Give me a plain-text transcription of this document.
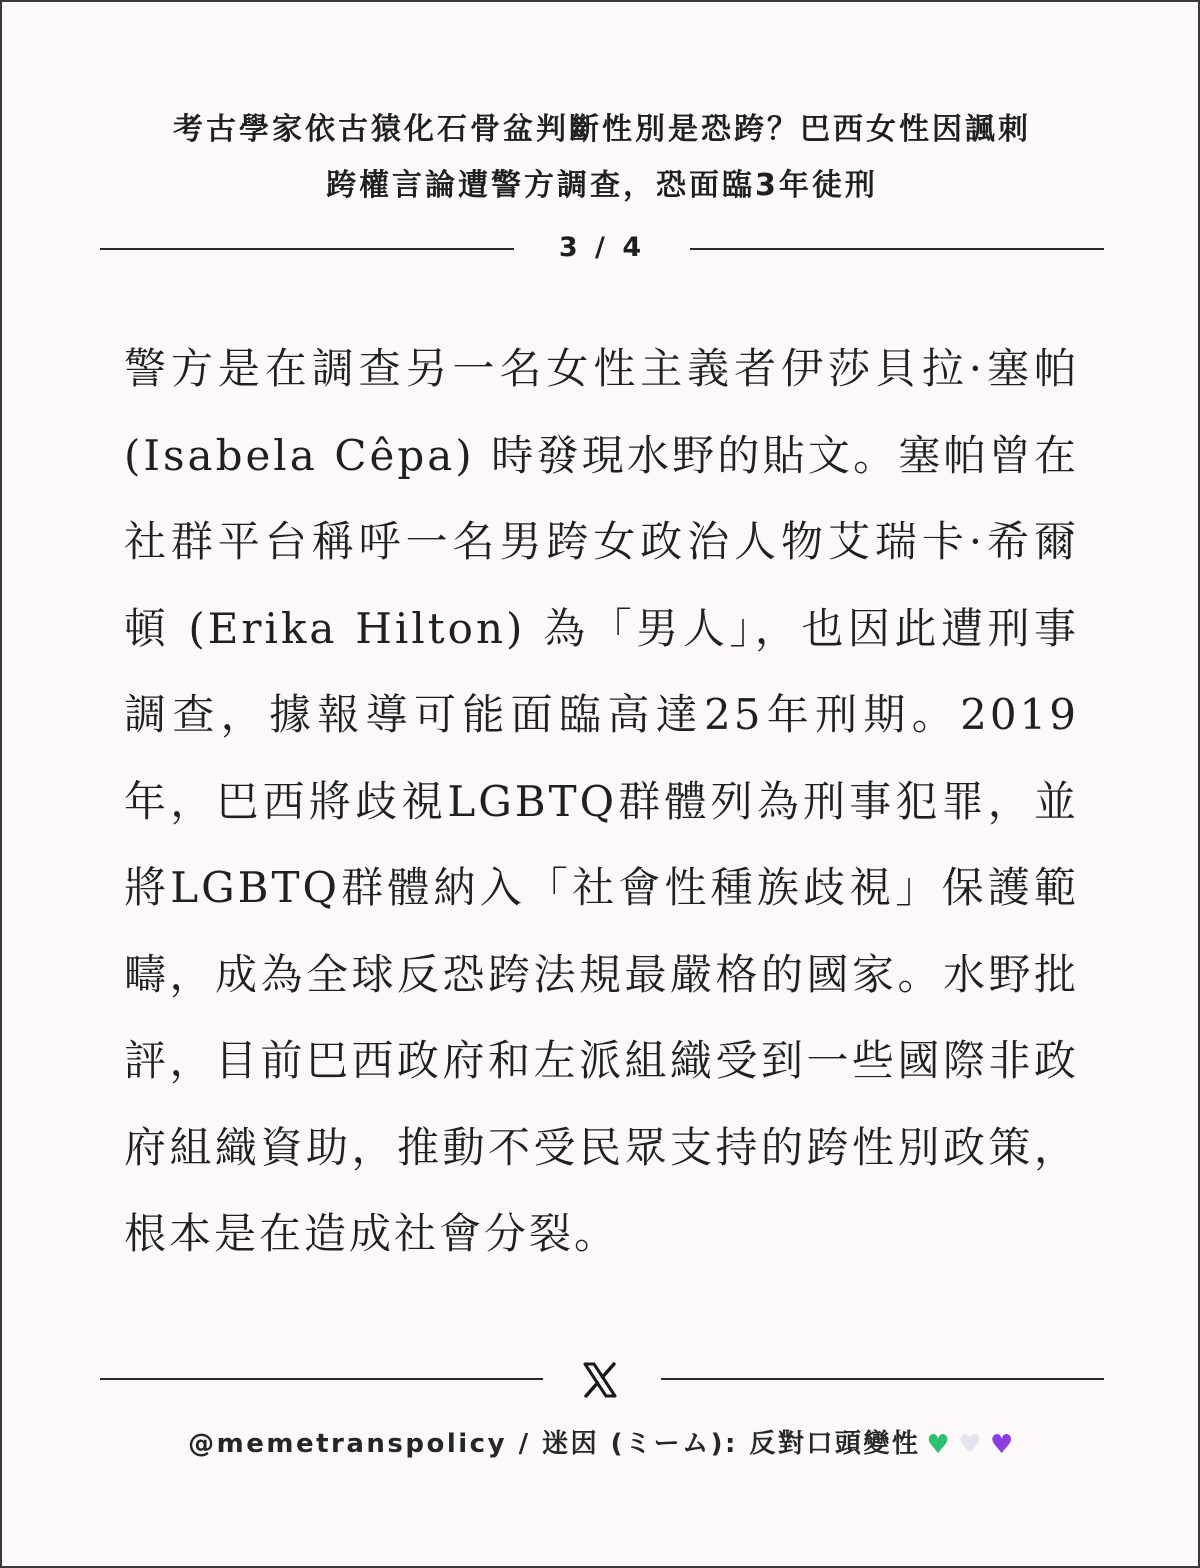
考古學家依古猿化石骨盆判斷性別是恐跨？巴西女性因諷刺
跨權言論遭警方調查，恐面臨3年徒刑
3 / 4
警方是在調查另一名女性主義者伊莎貝拉·塞帕 (Isabela Cêpa) 時發現水野的貼文。塞帕曾在社群平台稱呼一名男跨女政治人物艾瑞卡·希爾頓 (Erika Hilton) 為「男人」，也因此遭刑事調查，據報導可能面臨高達25年刑期。2019年，巴西將歧視LGBTQ群體列為刑事犯罪，並將LGBTQ群體納入「社會性種族歧視」保護範疇，成為全球反恐跨法規最嚴格的國家。水野批評，目前巴西政府和左派組織受到一些國際非政府組織資助，推動不受民眾支持的跨性別政策，根本是在造成社會分裂。
@memetranspolicy / 迷因 (ミーム): 反對口頭變性 ♥ ♥ ♥
